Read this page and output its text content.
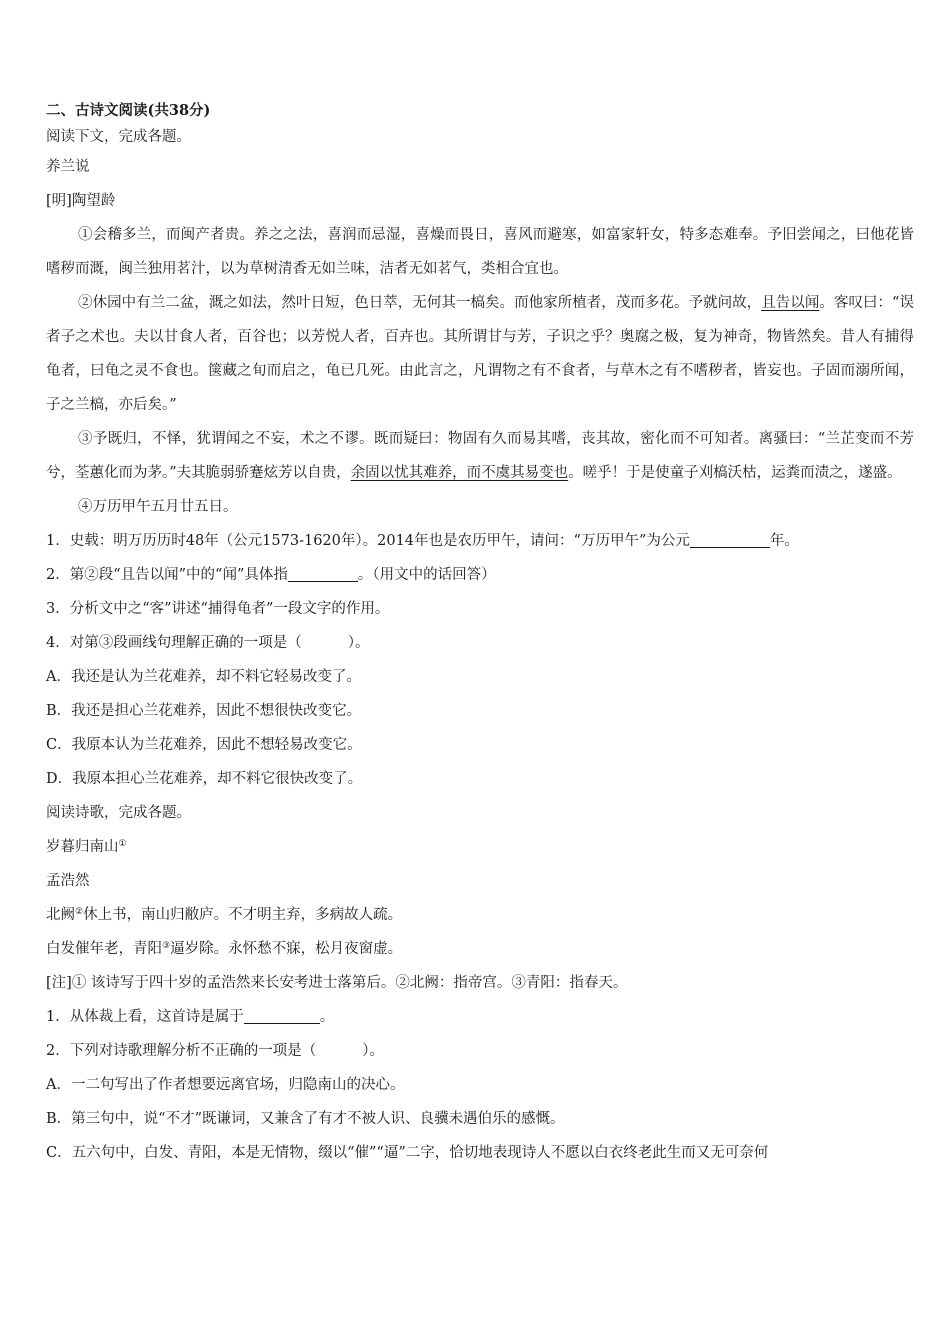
二、古诗文阅读(共38分)
阅读下文，完成各题。
养兰说
[明]陶望龄
①会稽多兰，而闽产者贵。养之之法，喜润而忌湿，喜燥而畏日，喜风而避寒，如富家轩女，特多态难奉。予旧尝闻之，曰他花皆嗜秽而溉，闽兰独用茗汁，以为草树清香无如兰味，洁者无如茗气，类相合宜也。
②休园中有兰二盆，溉之如法，然叶日短，色日萃，无何其一槁矣。而他家所植者，茂而多花。予就问故，且告以闻。客叹曰：“误者子之术也。夫以甘食人者，百谷也；以芳悦人者，百卉也。其所谓甘与芳，子识之乎？奥腐之极，复为神奇，物皆然矣。昔人有捕得龟者，曰龟之灵不食也。箧藏之旬而启之，龟已几死。由此言之，凡谓物之有不食者，与草木之有不嗜秽者，皆妄也。子固而溺所闻，子之兰槁，亦后矣。”
③予既归，不怿，犹谓闻之不妄，术之不谬。既而疑曰：物固有久而易其嗜，丧其故，密化而不可知者。离骚曰：“兰芷变而不芳兮，荃蕙化而为茅。”夫其脆弱骄蹇炫芳以自贵，余固以忧其难养，而不虞其易变也。嗟乎！于是使童子刈槁沃枯，运粪而渍之，遂盛。
④万历甲午五月廿五日。
1．史载：明万历历时48年（公元1573-1620年）。2014年也是农历甲午，请问：“万历甲午”为公元	年。
2．第②段“且告以闻”中的“闻”具体指	。（用文中的话回答）
3．分析文中之“客”讲述“捕得龟者”一段文字的作用。
4．对第③段画线句理解正确的一项是（	）。
A．我还是认为兰花难养，却不料它轻易改变了。
B．我还是担心兰花难养，因此不想很快改变它。
C．我原本认为兰花难养，因此不想轻易改变它。
D．我原本担心兰花难养，却不料它很快改变了。
阅读诗歌，完成各题。
岁暮归南山①
孟浩然
北阙②休上书，南山归敝庐。不才明主弃，多病故人疏。
白发催年老，青阳③逼岁除。永怀愁不寐，松月夜窗虚。
[注]① 该诗写于四十岁的孟浩然来长安考进士落第后。②北阙：指帝宫。③青阳：指春天。
1．从体裁上看，这首诗是属于	。
2．下列对诗歌理解分析不正确的一项是（	）。
A．一二句写出了作者想要远离官场，归隐南山的决心。
B．第三句中，说“不才”既谦词，又兼含了有才不被人识、良骥未遇伯乐的感慨。
C．五六句中，白发、青阳，本是无情物，缀以“催”“逼”二字，恰切地表现诗人不愿以白衣终老此生而又无可奈何
